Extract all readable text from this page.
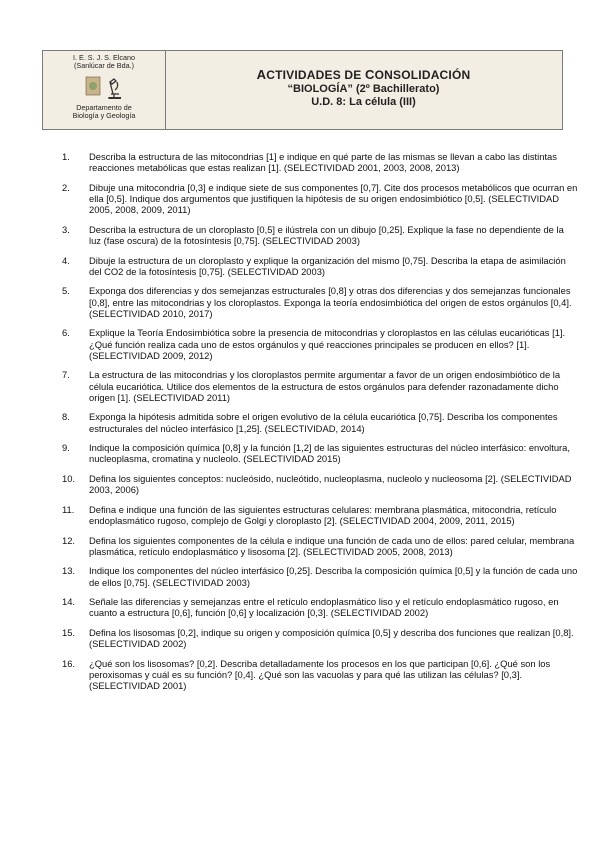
I. E. S. J. S. Elcano
(Sanlúcar de Bda.)
Departamento de
Biología y Geología
ACTIVIDADES DE CONSOLIDACIÓN
“BIOLOGÍA” (2º Bachillerato)
U.D. 8: La célula (III)
1. Describa la estructura de las mitocondrias [1] e indique en qué parte de las mismas se llevan a cabo las distintas reacciones metabólicas que estas realizan [1]. (SELECTIVIDAD 2001, 2003, 2008, 2013)
2. Dibuje una mitocondria [0,3] e indique siete de sus componentes [0,7]. Cite dos procesos metabólicos que ocurran en ella [0,5]. Indique dos argumentos que justifiquen la hipótesis de su origen endosimbiótico [0,5]. (SELECTIVIDAD 2005, 2008, 2009, 2011)
3. Describa la estructura de un cloroplasto [0,5] e ilústrela con un dibujo [0,25]. Explique la fase no dependiente de la luz (fase oscura) de la fotosíntesis [0,75]. (SELECTIVIDAD 2003)
4. Dibuje la estructura de un cloroplasto y explique la organización del mismo [0,75]. Describa la etapa de asimilación del CO2 de la fotosíntesis [0,75]. (SELECTIVIDAD 2003)
5. Exponga dos diferencias y dos semejanzas estructurales [0,8] y otras dos diferencias y dos semejanzas funcionales [0,8], entre las mitocondrias y los cloroplastos. Exponga la teoría endosimbiótica del origen de estos orgánulos [0,4]. (SELECTIVIDAD 2010, 2017)
6. Explique la Teoría Endosimbiótica sobre la presencia de mitocondrias y cloroplastos en las células eucarióticas [1]. ¿Qué función realiza cada uno de estos orgánulos y qué reacciones principales se producen en ellos? [1]. (SELECTIVIDAD 2009, 2012)
7. La estructura de las mitocondrias y los cloroplastos permite argumentar a favor de un origen endosimbiótico de la célula eucariótica. Utilice dos elementos de la estructura de estos orgánulos para defender razonadamente dicho origen [1]. (SELECTIVIDAD 2011)
8. Exponga la hipótesis admitida sobre el origen evolutivo de la célula eucariótica [0,75]. Describa los componentes estructurales del núcleo interfásico [1,25]. (SELECTIVIDAD, 2014)
9. Indique la composición química [0,8] y la función [1,2] de las siguientes estructuras del núcleo interfásico: envoltura, nucleoplasma, cromatina y nucleolo. (SELECTIVIDAD 2015)
10. Defina los siguientes conceptos: nucleósido, nucleótido, nucleoplasma, nucleolo y nucleosoma [2]. (SELECTIVIDAD 2003, 2006)
11. Defina e indique una función de las siguientes estructuras celulares: membrana plasmática, mitocondria, retículo endoplasmático rugoso, complejo de Golgi y cloroplasto [2]. (SELECTIVIDAD 2004, 2009, 2011, 2015)
12. Defina los siguientes componentes de la célula e indique una función de cada uno de ellos: pared celular, membrana plasmática, retículo endoplasmático y lisosoma [2]. (SELECTIVIDAD 2005, 2008, 2013)
13. Indique los componentes del núcleo interfásico [0,25]. Describa la composición química [0,5] y la función de cada uno de ellos [0,75]. (SELECTIVIDAD 2003)
14. Señale las diferencias y semejanzas entre el retículo endoplasmático liso y el retículo endoplasmático rugoso, en cuanto a estructura [0,6], función [0,6] y localización [0,3]. (SELECTIVIDAD 2002)
15. Defina los lisosomas [0,2], indique su origen y composición química [0,5] y describa dos funciones que realizan [0,8]. (SELECTIVIDAD 2002)
16. ¿Qué son los lisosomas? [0,2]. Describa detalladamente los procesos en los que participan [0,6]. ¿Qué son los peroxisomas y cuál es su función? [0,4]. ¿Qué son las vacuolas y para qué las utilizan las células? [0,3]. (SELECTIVIDAD 2001)
